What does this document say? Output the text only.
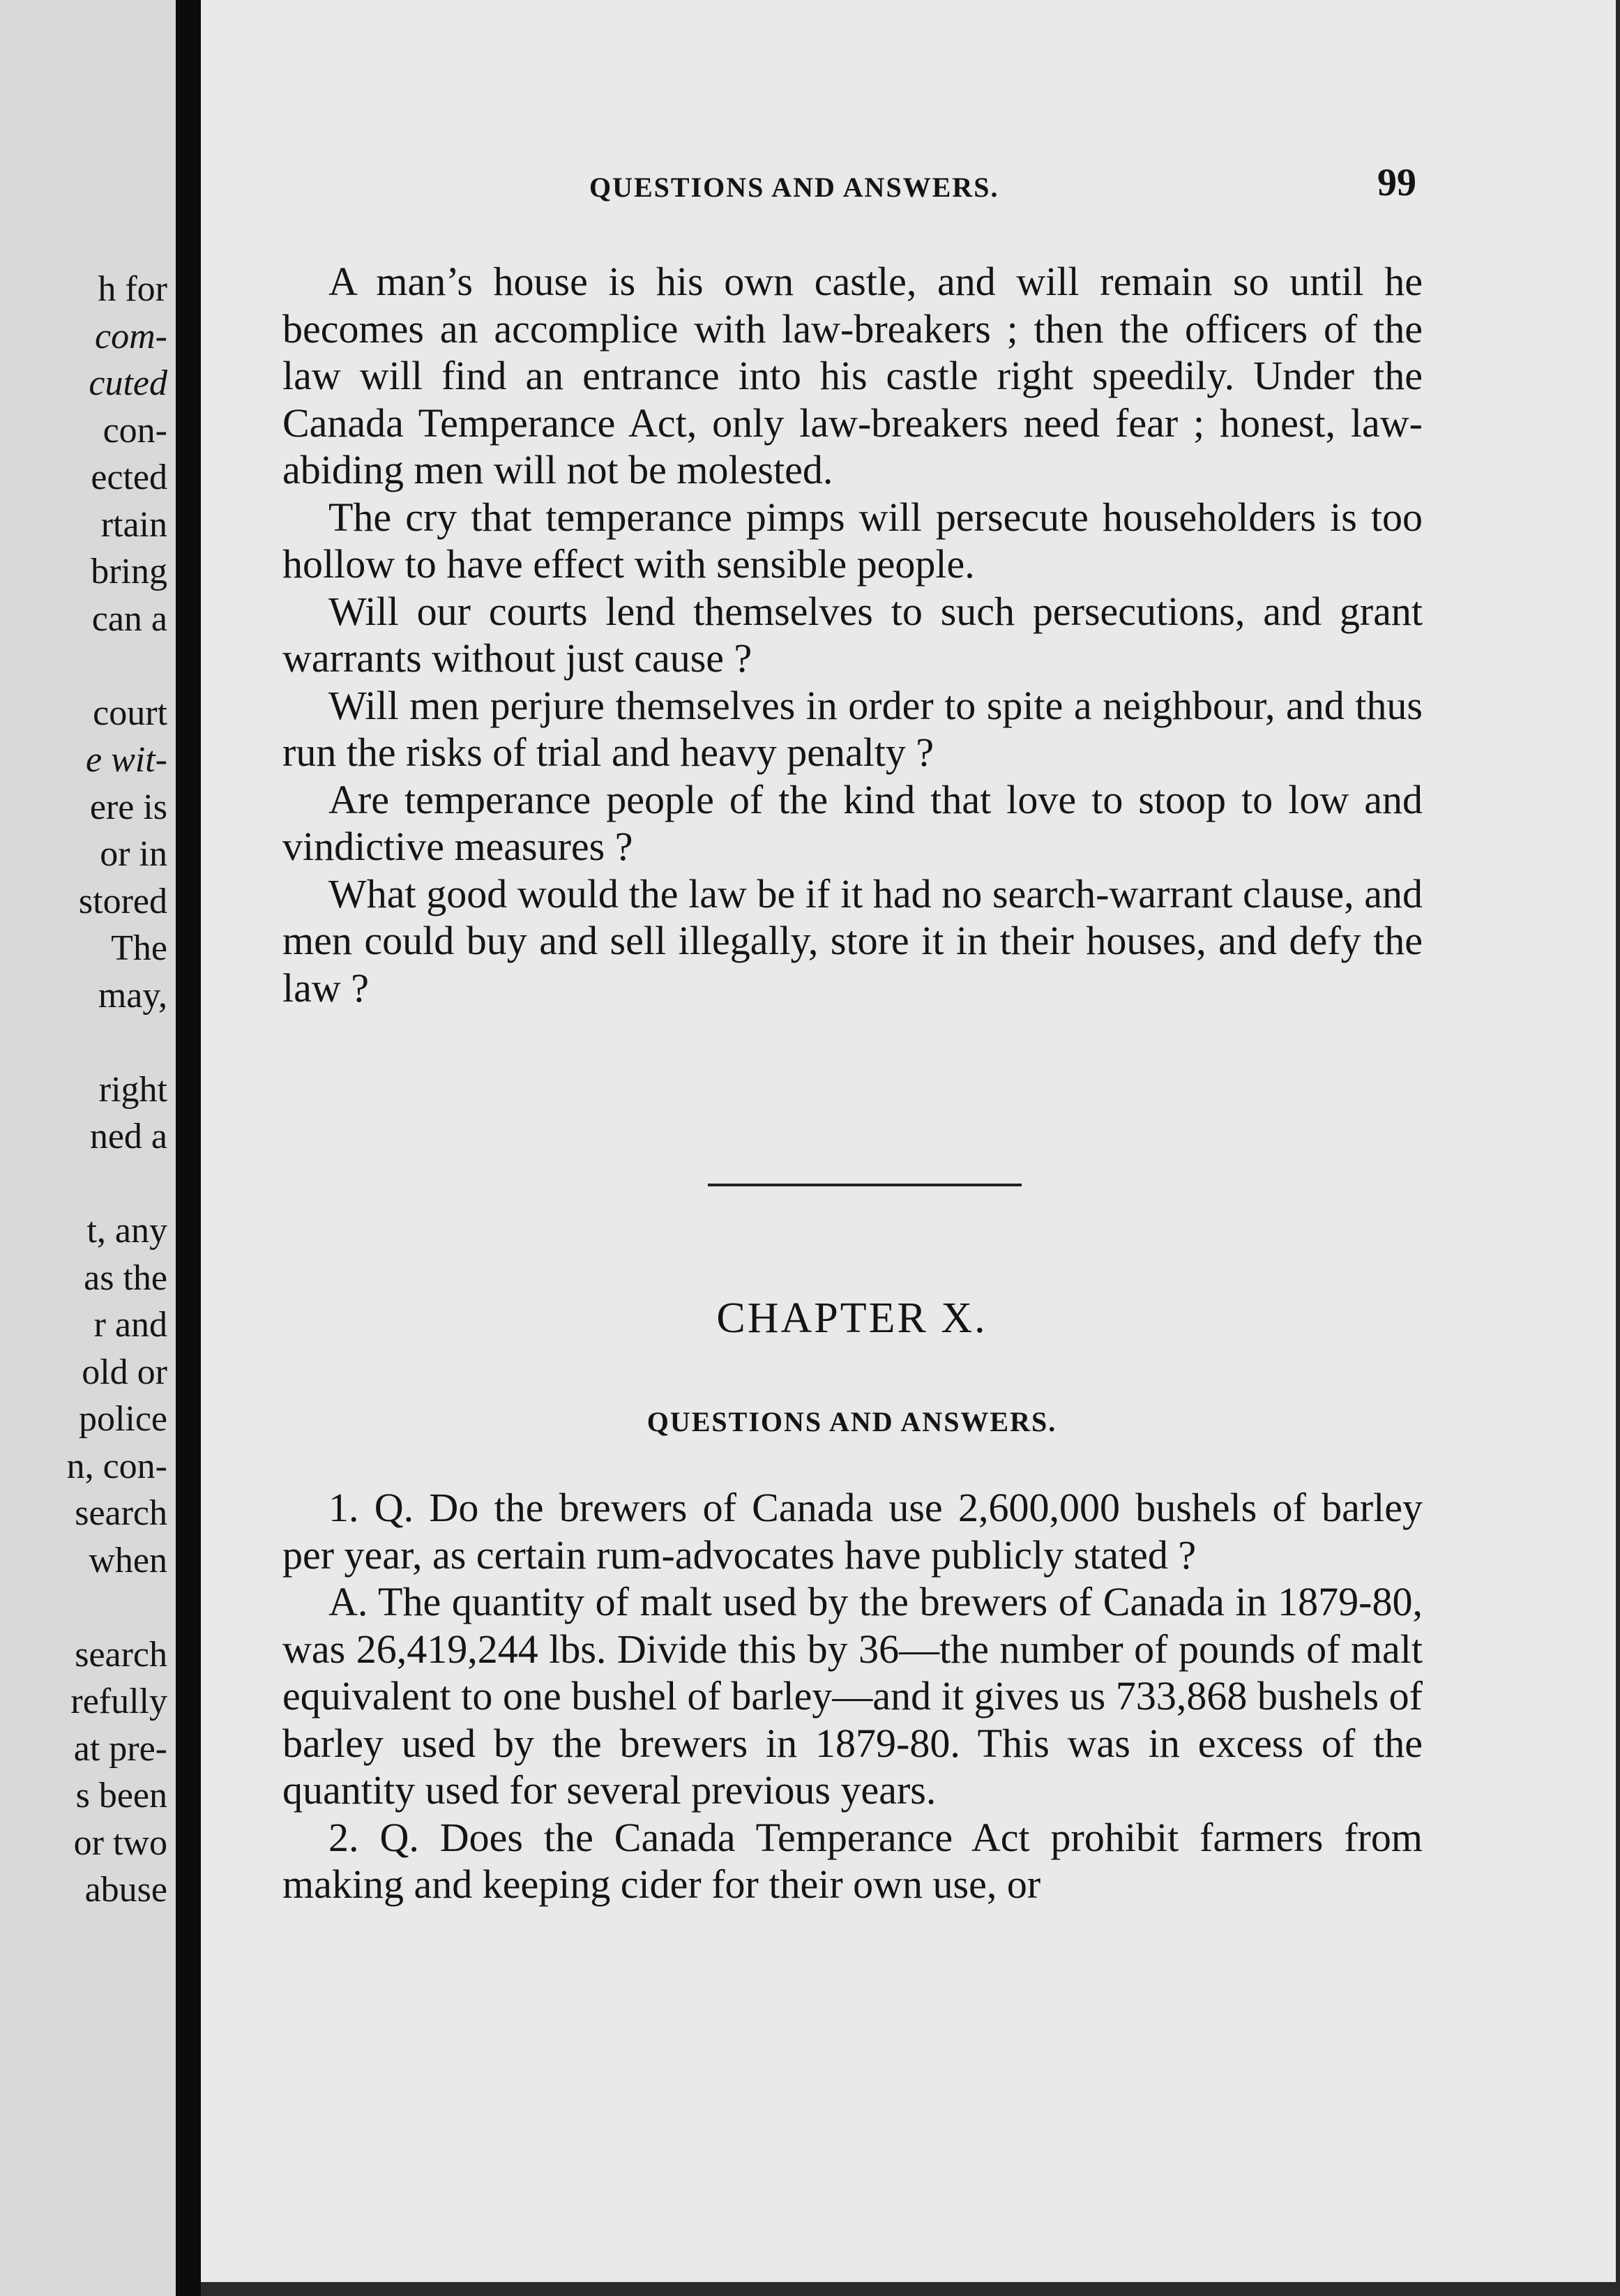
h for
com-
cuted
con-
ected
rtain
bring
can a
court
e wit-
ere is
or in
stored
The
may,
right
ned a
t, any
as the
r and
old or
police
n, con-
search
when
search
refully
at pre-
s been
or two
abuse
QUESTIONS AND ANSWERS.	99

A man’s house is his own castle, and will remain so until he becomes an accomplice with law-breakers ; then the officers of the law will find an entrance into his castle right speedily. Under the Canada Temperance Act, only law-breakers need fear ; honest, law-abiding men will not be molested.

The cry that temperance pimps will persecute householders is too hollow to have effect with sensible people.

Will our courts lend themselves to such persecutions, and grant warrants without just cause ?

Will men perjure themselves in order to spite a neighbour, and thus run the risks of trial and heavy penalty ?

Are temperance people of the kind that love to stoop to low and vindictive measures ?

What good would the law be if it had no search-warrant clause, and men could buy and sell illegally, store it in their houses, and defy the law ?

CHAPTER X.
QUESTIONS AND ANSWERS.

1. Q. Do the brewers of Canada use 2,600,000 bushels of barley per year, as certain rum-advocates have publicly stated ?

A. The quantity of malt used by the brewers of Canada in 1879-80, was 26,419,244 lbs. Divide this by 36—the number of pounds of malt equivalent to one bushel of barley—and it gives us 733,868 bushels of barley used by the brewers in 1879-80. This was in excess of the quantity used for several previous years.

2. Q. Does the Canada Temperance Act prohibit farmers from making and keeping cider for their own use, or
